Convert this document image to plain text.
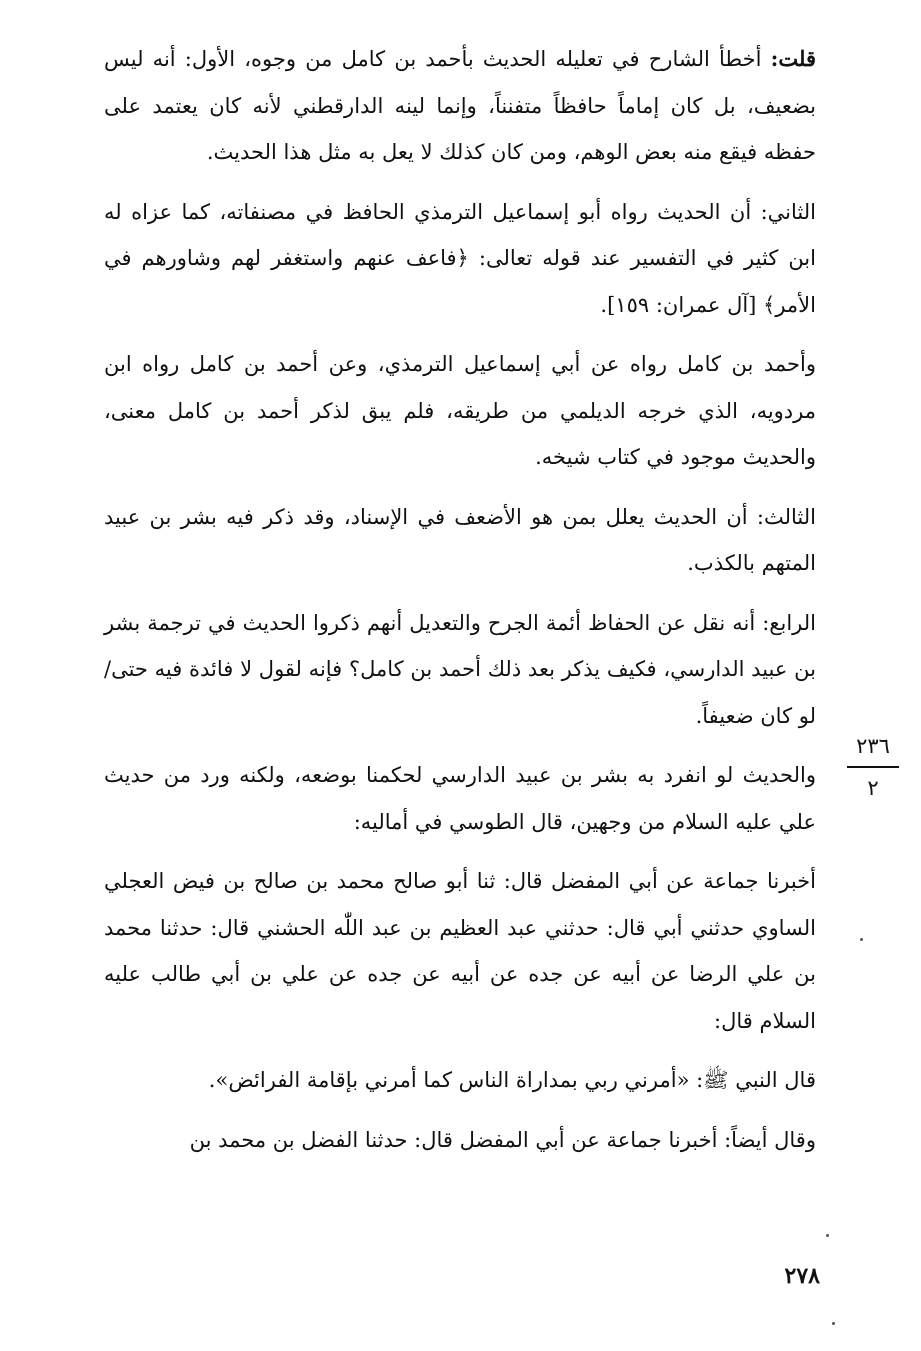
قلت: أخطأ الشارح في تعليله الحديث بأحمد بن كامل من وجوه، الأول: أنه ليس بضعيف، بل كان إماماً حافظاً متفنناً، وإنما لينه الدارقطني لأنه كان يعتمد على حفظه فيقع منه بعض الوهم، ومن كان كذلك لا يعل به مثل هذا الحديث.

الثاني: أن الحديث رواه أبو إسماعيل الترمذي الحافظ في مصنفاته، كما عزاه له ابن كثير في التفسير عند قوله تعالى: ﴿فاعف عنهم واستغفر لهم وشاورهم في الأمر﴾ [آل عمران: ١٥٩].

وأحمد بن كامل رواه عن أبي إسماعيل الترمذي، وعن أحمد بن كامل رواه ابن مردويه، الذي خرجه الديلمي من طريقه، فلم يبق لذكر أحمد بن كامل معنى، والحديث موجود في كتاب شيخه.

الثالث: أن الحديث يعلل بمن هو الأضعف في الإسناد، وقد ذكر فيه بشر بن عبيد المتهم بالكذب.

الرابع: أنه نقل عن الحفاظ أئمة الجرح والتعديل أنهم ذكروا الحديث في ترجمة بشر بن عبيد الدارسي، فكيف يذكر بعد ذلك أحمد بن كامل؟ فإنه لقول لا فائدة فيه حتى/ لو كان ضعيفاً.

والحديث لو انفرد به بشر بن عبيد الدارسي لحكمنا بوضعه، ولكنه ورد من حديث علي عليه السلام من وجهين، قال الطوسي في أماليه:

أخبرنا جماعة عن أبي المفضل قال: ثنا أبو صالح محمد بن صالح بن فيض العجلي الساوي حدثني أبي قال: حدثني عبد العظيم بن عبد اللّٰه الحشني قال: حدثنا محمد بن علي الرضا عن أبيه عن جده عن أبيه عن جده عن علي بن أبي طالب عليه السلام قال:

قال النبي ﷺ: «أمرني ربي بمداراة الناس كما أمرني بإقامة الفرائض».

وقال أيضاً: أخبرنا جماعة عن أبي المفضل قال: حدثنا الفضل بن محمد بن

٢٣٦
٢
٢٧٨
